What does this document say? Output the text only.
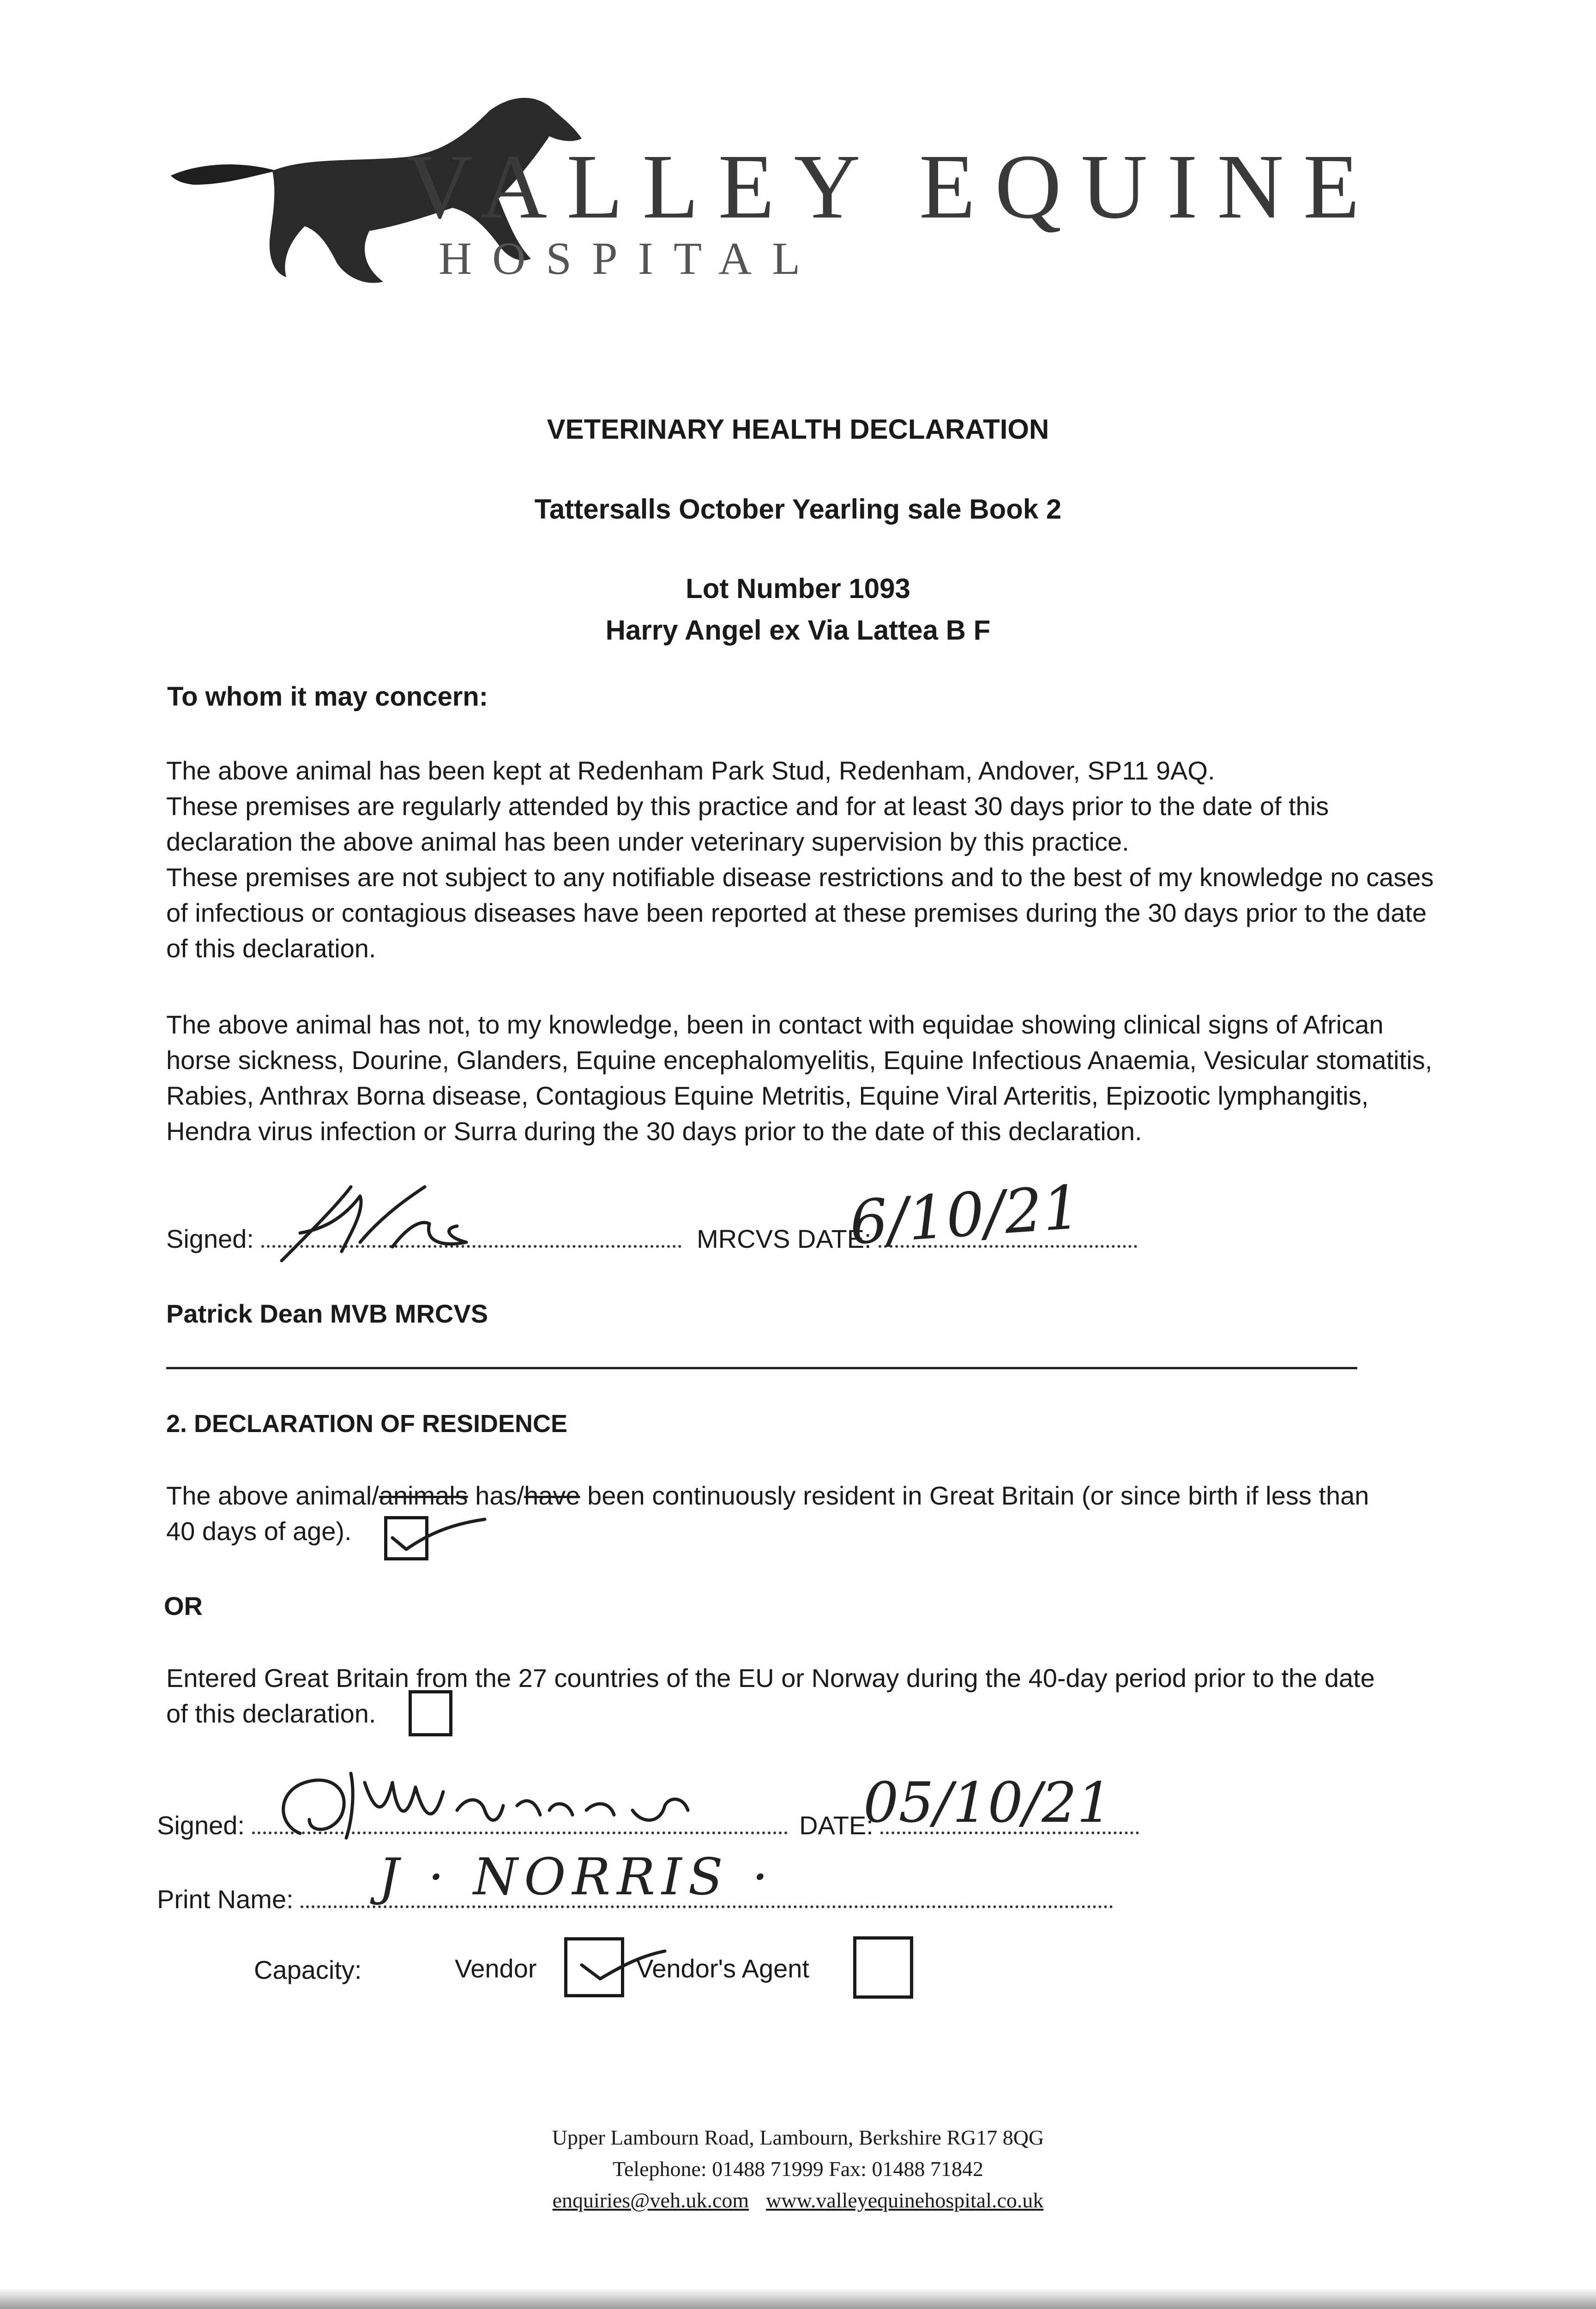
VALLEY EQUINE
HOSPITAL
VETERINARY HEALTH DECLARATION
Tattersalls October Yearling sale Book 2
Lot Number 1093
Harry Angel ex Via Lattea B F
To whom it may concern:

The above animal has been kept at Redenham Park Stud, Redenham, Andover, SP11 9AQ.

These premises are regularly attended by this practice and for at least 30 days prior to the date of this declaration the above animal has been under veterinary supervision by this practice.

These premises are not subject to any notifiable disease restrictions and to the best of my knowledge no cases of infectious or contagious diseases have been reported at these premises during the 30 days prior to the date of this declaration.

The above animal has not, to my knowledge, been in contact with equidae showing clinical signs of African horse sickness, Dourine, Glanders, Equine encephalomyelitis, Equine Infectious Anaemia, Vesicular stomatitis, Rabies, Anthrax Borna disease, Contagious Equine Metritis, Equine Viral Arteritis, Epizootic lymphangitis, Hendra virus infection or Surra during the 30 days prior to the date of this declaration.

Signed:	MRCVS DATE:
6/10/21
Patrick Dean MVB MRCVS
2. DECLARATION OF RESIDENCE

The above animal/animals has/have been continuously resident in Great Britain (or since birth if less than

40 days of age).

OR

Entered Great Britain from the 27 countries of the EU or Norway during the 40-day period prior to the date

of this declaration.

Signed:	DATE:
05/10/21
Print Name:	J · NORRIS ·
Capacity:	Vendor	Vendor's Agent
Upper Lambourn Road, Lambourn, Berkshire RG17 8QG
Telephone: 01488 71999 Fax: 01488 71842
enquiries@veh.uk.com www.valleyequinehospital.co.uk
